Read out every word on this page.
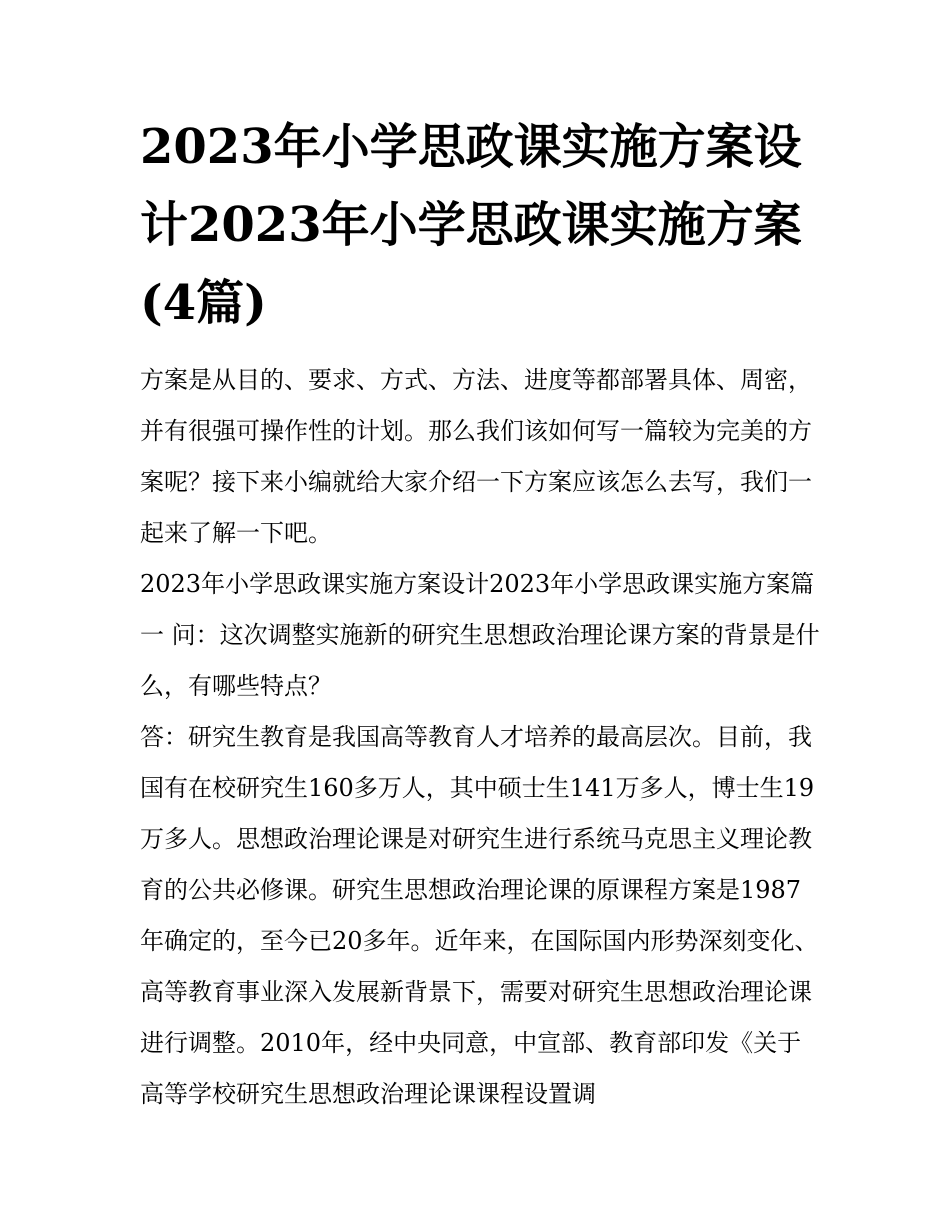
2023年小学思政课实施方案设计2023年小学思政课实施方案(4篇)

方案是从目的、要求、方式、方法、进度等都部署具体、周密，并有很强可操作性的计划。那么我们该如何写一篇较为完美的方案呢？接下来小编就给大家介绍一下方案应该怎么去写，我们一起来了解一下吧。

2023年小学思政课实施方案设计2023年小学思政课实施方案篇一 问：这次调整实施新的研究生思想政治理论课方案的背景是什么，有哪些特点？

答：研究生教育是我国高等教育人才培养的最高层次。目前，我国有在校研究生160多万人，其中硕士生141万多人，博士生19万多人。思想政治理论课是对研究生进行系统马克思主义理论教育的公共必修课。研究生思想政治理论课的原课程方案是1987年确定的，至今已20多年。近年来，在国际国内形势深刻变化、高等教育事业深入发展新背景下，需要对研究生思想政治理论课进行调整。2010年，经中央同意，中宣部、教育部印发《关于高等学校研究生思想政治理论课课程设置调
